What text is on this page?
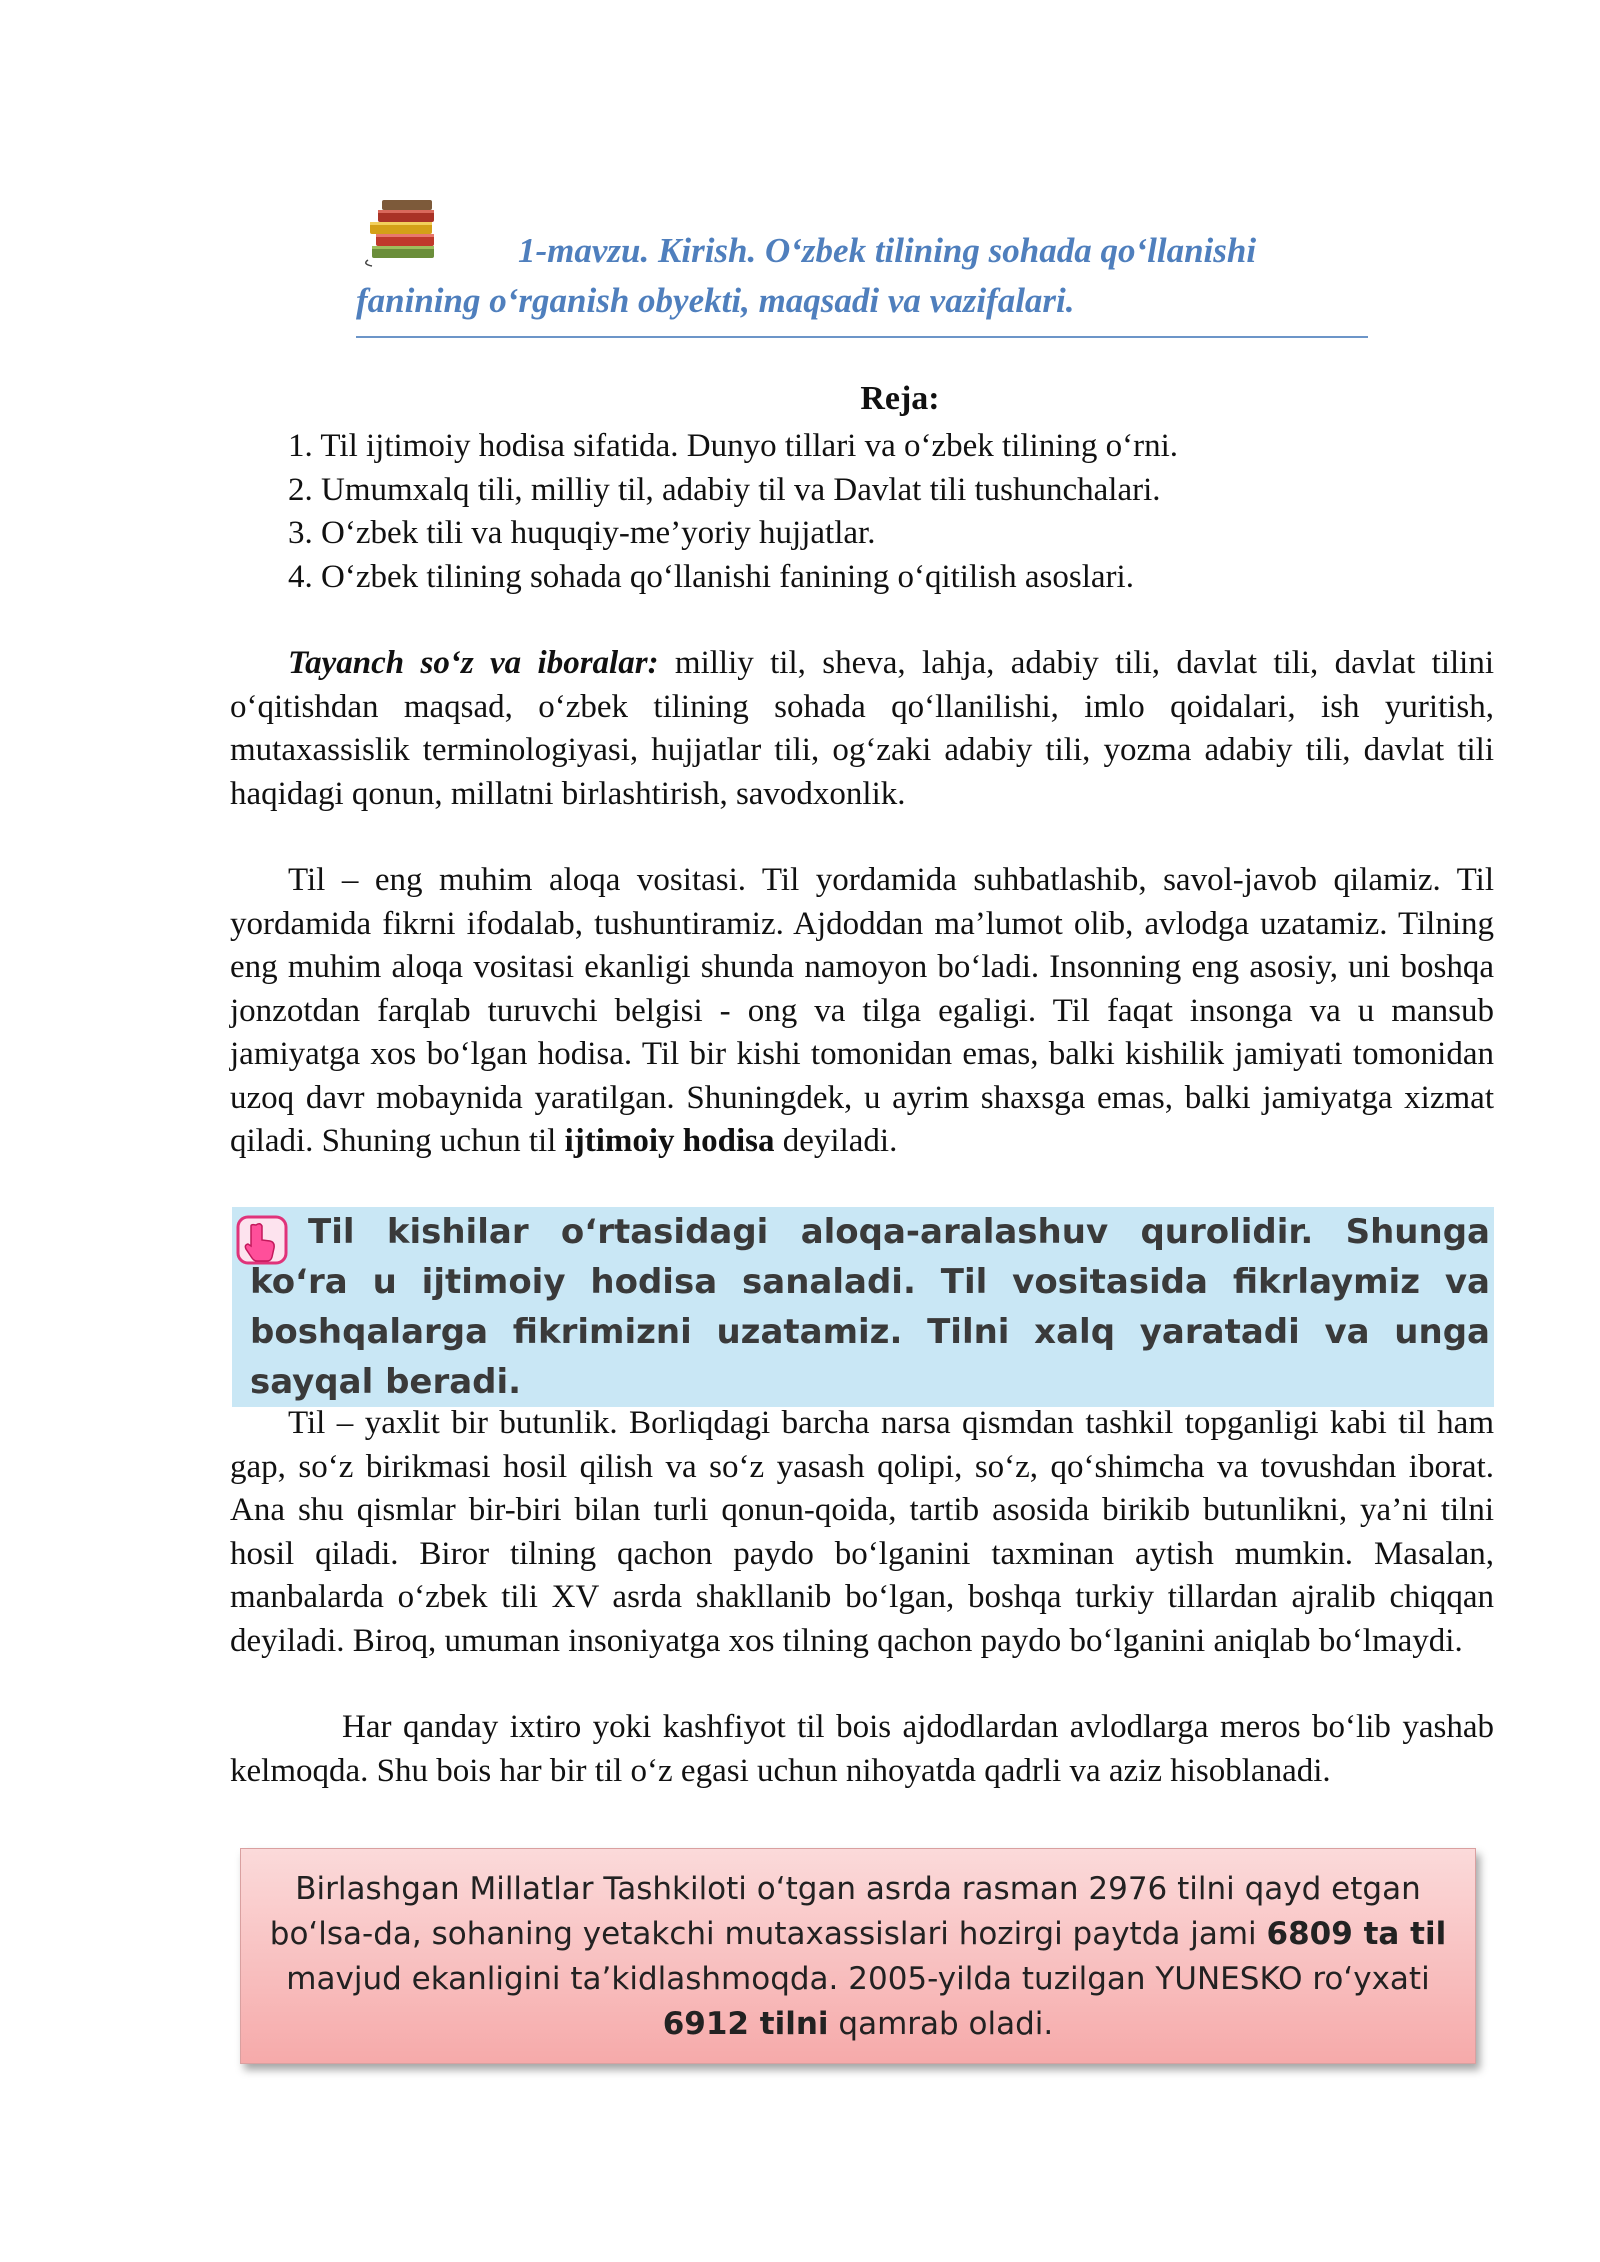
1-mavzu. Kirish. O‘zbek tilining sohada qo‘llanishi
fanining o‘rganish obyekti, maqsadi va vazifalari.
Reja:
1. Til ijtimoiy hodisa sifatida. Dunyo tillari va o‘zbek tilining o‘rni.
2. Umumxalq tili, milliy til, adabiy til va Davlat tili tushunchalari.
3. O‘zbek tili va huquqiy-me’yoriy hujjatlar.
4. O‘zbek tilining sohada qo‘llanishi fanining o‘qitilish asoslari.

Tayanch so‘z va iboralar: milliy til, sheva, lahja, adabiy tili, davlat tili, davlat tilini o‘qitishdan maqsad, o‘zbek tilining sohada qo‘llanilishi, imlo qoidalari, ish yuritish, mutaxassislik terminologiyasi, hujjatlar tili, og‘zaki adabiy tili, yozma adabiy tili, davlat tili haqidagi qonun, millatni birlashtirish, savodxonlik.

Til – eng muhim aloqa vositasi. Til yordamida suhbatlashib, savol-javob qilamiz. Til yordamida fikrni ifodalab, tushuntiramiz. Ajdoddan ma’lumot olib, avlodga uzatamiz. Tilning eng muhim aloqa vositasi ekanligi shunda namoyon bo‘ladi. Insonning eng asosiy, uni boshqa jonzotdan farqlab turuvchi belgisi - ong va tilga egaligi. Til faqat insonga va u mansub jamiyatga xos bo‘lgan hodisa. Til bir kishi tomonidan emas, balki kishilik jamiyati tomonidan uzoq davr mobaynida yaratilgan. Shuningdek, u ayrim shaxsga emas, balki jamiyatga xizmat qiladi. Shuning uchun til ijtimoiy hodisa deyiladi.

Til kishilar o‘rtasidagi aloqa-aralashuv qurolidir. Shunga ko‘ra u ijtimoiy hodisa sanaladi. Til vositasida fikrlaymiz va boshqalarga fikrimizni uzatamiz. Tilni xalq yaratadi va unga sayqal beradi.

Til – yaxlit bir butunlik. Borliqdagi barcha narsa qismdan tashkil topganligi kabi til ham gap, so‘z birikmasi hosil qilish va so‘z yasash qolipi, so‘z, qo‘shimcha va tovushdan iborat. Ana shu qismlar bir-biri bilan turli qonun-qoida, tartib asosida birikib butunlikni, ya’ni tilni hosil qiladi. Biror tilning qachon paydo bo‘lganini taxminan aytish mumkin. Masalan, manbalarda o‘zbek tili XV asrda shakllanib bo‘lgan, boshqa turkiy tillardan ajralib chiqqan deyiladi. Biroq, umuman insoniyatga xos tilning qachon paydo bo‘lganini aniqlab bo‘lmaydi.

Har qanday ixtiro yoki kashfiyot til bois ajdodlardan avlodlarga meros bo‘lib yashab kelmoqda. Shu bois har bir til o‘z egasi uchun nihoyatda qadrli va aziz hisoblanadi.

Birlashgan Millatlar Tashkiloti o‘tgan asrda rasman 2976 tilni qayd etgan bo‘lsa-da, sohaning yetakchi mutaxassislari hozirgi paytda jami 6809 ta til mavjud ekanligini ta’kidlashmoqda. 2005-yilda tuzilgan YUNESKO ro‘yxati 6912 tilni qamrab oladi.
